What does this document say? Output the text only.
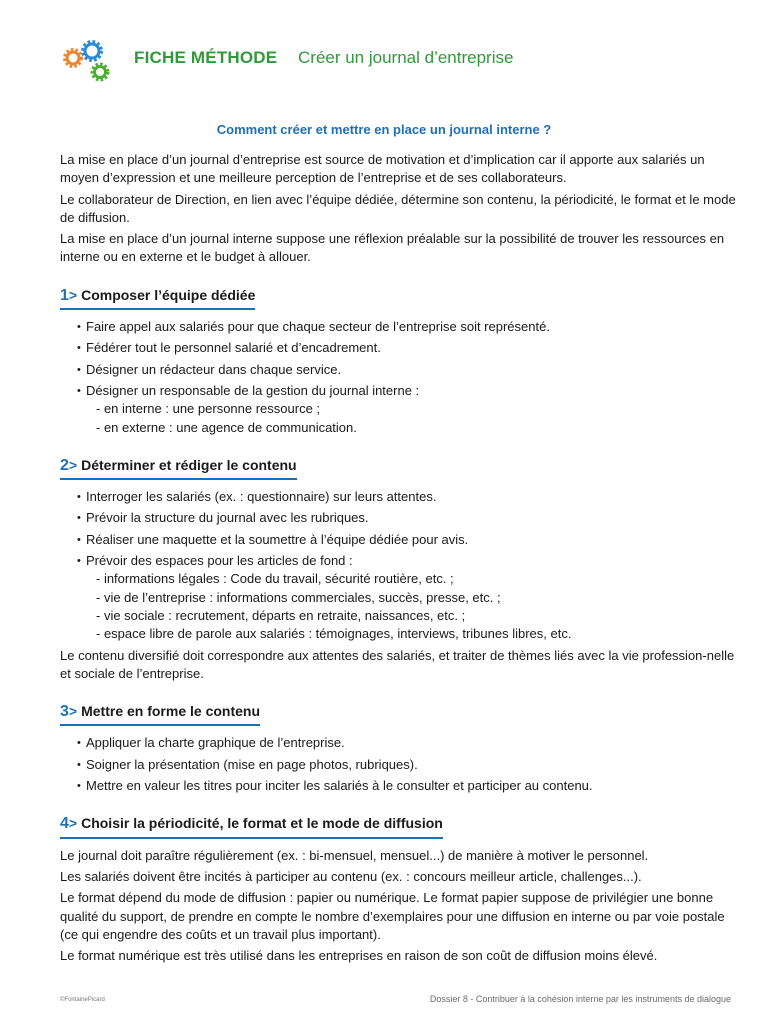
FICHE MÉTHODE Créer un journal d’entreprise
Comment créer et mettre en place un journal interne ?

La mise en place d’un journal d’entreprise est source de motivation et d’implication car il apporte aux salariés un moyen d’expression et une meilleure perception de l’entreprise et de ses collaborateurs.

Le collaborateur de Direction, en lien avec l’équipe dédiée, détermine son contenu, la périodicité, le format et le mode de diffusion.

La mise en place d’un journal interne suppose une réflexion préalable sur la possibilité de trouver les ressources en interne ou en externe et le budget à allouer.

1> Composer l’équipe dédiée
• Faire appel aux salariés pour que chaque secteur de l’entreprise soit représenté.
• Fédérer tout le personnel salarié et d’encadrement.
• Désigner un rédacteur dans chaque service.
• Désigner un responsable de la gestion du journal interne :
- en interne : une personne ressource ;
- en externe : une agence de communication.
2> Déterminer et rédiger le contenu
• Interroger les salariés (ex. : questionnaire) sur leurs attentes.
• Prévoir la structure du journal avec les rubriques.
• Réaliser une maquette et la soumettre à l’équipe dédiée pour avis.
• Prévoir des espaces pour les articles de fond :
- informations légales : Code du travail, sécurité routière, etc. ;
- vie de l’entreprise : informations commerciales, succès, presse, etc. ;
- vie sociale : recrutement, départs en retraite, naissances, etc. ;
- espace libre de parole aux salariés : témoignages, interviews, tribunes libres, etc.

Le contenu diversifié doit correspondre aux attentes des salariés, et traiter de thèmes liés avec la vie profession-nelle et sociale de l’entreprise.

3> Mettre en forme le contenu
• Appliquer la charte graphique de l’entreprise.
• Soigner la présentation (mise en page photos, rubriques).
• Mettre en valeur les titres pour inciter les salariés à le consulter et participer au contenu.
4> Choisir la périodicité, le format et le mode de diffusion

Le journal doit paraître régulièrement (ex. : bi-mensuel, mensuel...) de manière à motiver le personnel.

Les salariés doivent être incités à participer au contenu (ex. : concours meilleur article, challenges...).

Le format dépend du mode de diffusion : papier ou numérique. Le format papier suppose de privilégier une bonne qualité du support, de prendre en compte le nombre d’exemplaires pour une diffusion en interne ou par voie postale (ce qui engendre des coûts et un travail plus important).

Le format numérique est très utilisé dans les entreprises en raison de son coût de diffusion moins élevé.

©FontainePicard	Dossier 8 - Contribuer à la cohésion interne par les instruments de dialogue
